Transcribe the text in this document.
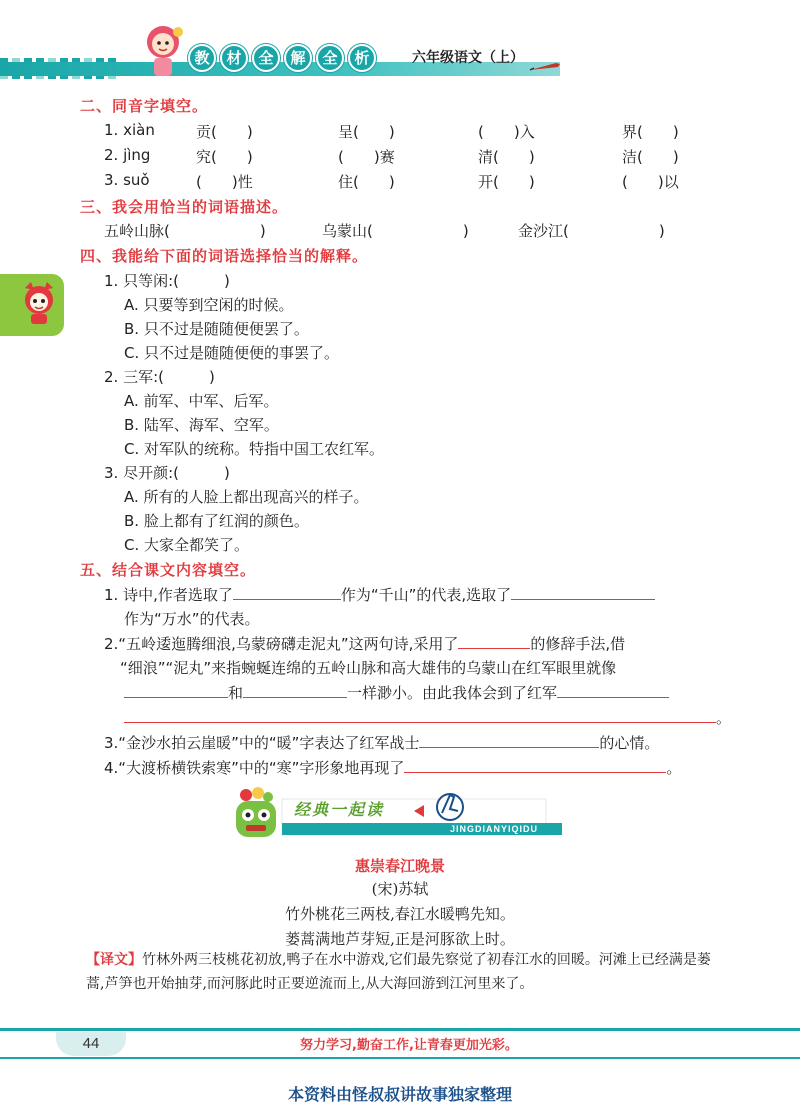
教	材	全	解	全	析	六年级语文（上）
二、同音字填空。
1. xiàn	贡(　　)	呈(　　)	(　　)入	界(　　)
2. jìng	究(　　)	(　　)赛	清(　　)	洁(　　)
3. suǒ	(　　)性	住(　　)	开(　　)	(　　)以
三、我会用恰当的词语描述。
五岭山脉(　　　　　　)	乌蒙山(　　　　　　)	金沙江(　　　　　　)
四、我能给下面的词语选择恰当的解释。
1. 只等闲:(　　　)
A. 只要等到空闲的时候。
B. 只不过是随随便便罢了。
C. 只不过是随随便便的事罢了。
2. 三军:(　　　)
A. 前军、中军、后军。
B. 陆军、海军、空军。
C. 对军队的统称。特指中国工农红军。
3. 尽开颜:(　　　)
A. 所有的人脸上都出现高兴的样子。
B. 脸上都有了红润的颜色。
C. 大家全都笑了。
五、结合课文内容填空。
1. 诗中,作者选取了	作为“千山”的代表,选取了
作为“万水”的代表。
2.“五岭逶迤腾细浪,乌蒙磅礴走泥丸”这两句诗,采用了	的修辞手法,借
“细浪”“泥丸”来指蜿蜒连绵的五岭山脉和高大雄伟的乌蒙山在红军眼里就像
和	一样渺小。由此我体会到了红军
。
3.“金沙水拍云崖暖”中的“暖”字表达了红军战士	的心情。
4.“大渡桥横铁索寒”中的“寒”字形象地再现了	。
经典一起读
JINGDIANYIQIDU
惠崇春江晚景
(宋)苏轼
竹外桃花三两枝,春江水暖鸭先知。
蒌蒿满地芦芽短,正是河豚欲上时。
【译文】竹林外两三枝桃花初放,鸭子在水中游戏,它们最先察觉了初春江水的回暖。河滩上已经满是蒌蒿,芦笋也开始抽芽,而河豚此时正要逆流而上,从大海回游到江河里来了。
44	努力学习,勤奋工作,让青春更加光彩。
本资料由怪叔叔讲故事独家整理
